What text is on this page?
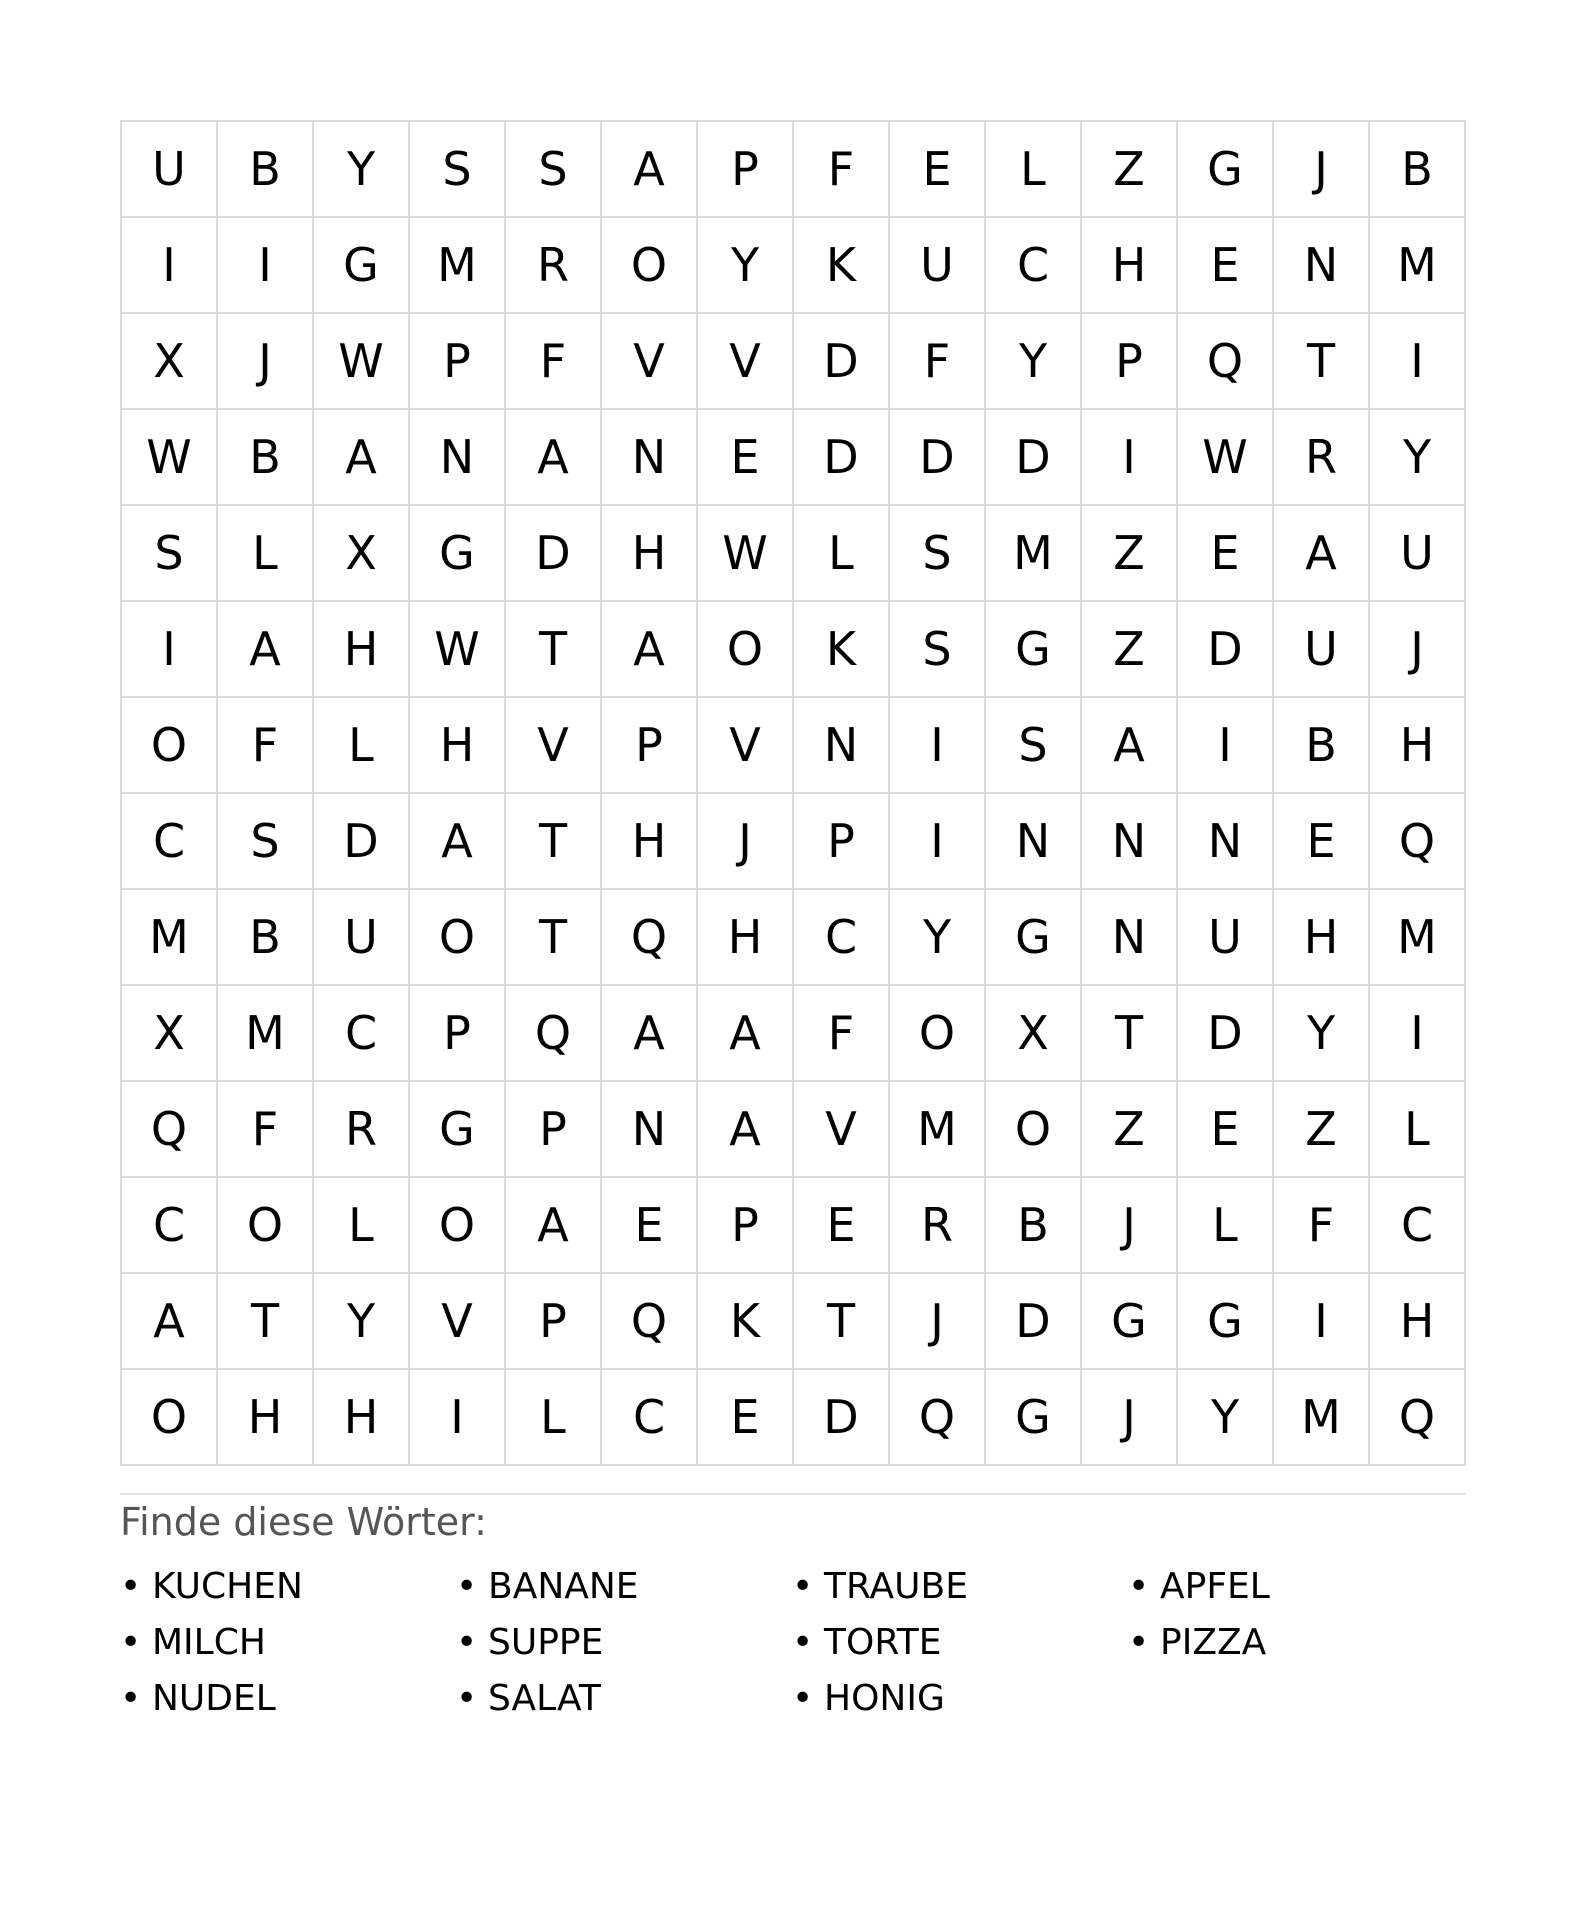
U	B	Y	S	S	A	P	F	E	L	Z	G	J	B
I	I	G	M	R	O	Y	K	U	C	H	E	N	M
X	J	W	P	F	V	V	D	F	Y	P	Q	T	I
W	B	A	N	A	N	E	D	D	D	I	W	R	Y
S	L	X	G	D	H	W	L	S	M	Z	E	A	U
I	A	H	W	T	A	O	K	S	G	Z	D	U	J
O	F	L	H	V	P	V	N	I	S	A	I	B	H
C	S	D	A	T	H	J	P	I	N	N	N	E	Q
M	B	U	O	T	Q	H	C	Y	G	N	U	H	M
X	M	C	P	Q	A	A	F	O	X	T	D	Y	I
Q	F	R	G	P	N	A	V	M	O	Z	E	Z	L
C	O	L	O	A	E	P	E	R	B	J	L	F	C
A	T	Y	V	P	Q	K	T	J	D	G	G	I	H
O	H	H	I	L	C	E	D	Q	G	J	Y	M	Q
Finde diese Wörter:
• KUCHEN	• BANANE	• TRAUBE	• APFEL
• MILCH	• SUPPE	• TORTE	• PIZZA
• NUDEL	• SALAT	• HONIG
